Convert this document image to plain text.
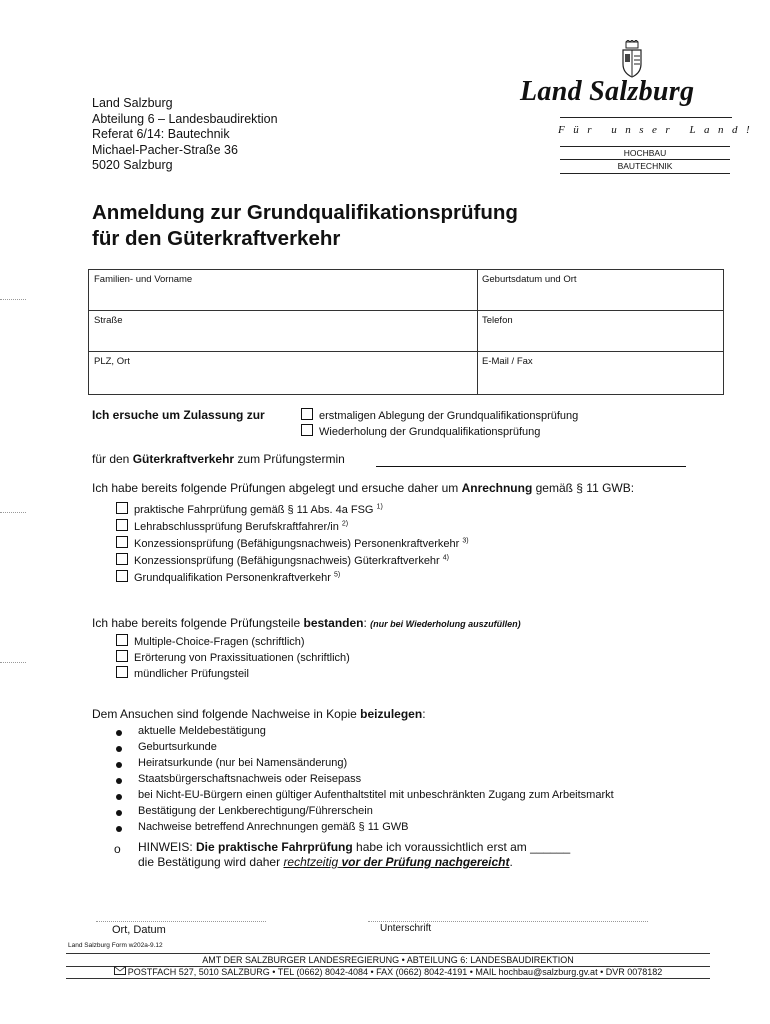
Land Salzburg
Abteilung 6 – Landesbaudirektion
Referat 6/14: Bautechnik
Michael-Pacher-Straße 36
5020 Salzburg
Land Salzburg
Für unser Land!
HOCHBAU
BAUTECHNIK
Anmeldung zur Grundqualifikationsprüfung
für den Güterkraftverkehr
Familien- und Vorname	Geburtsdatum und Ort
Straße	Telefon
PLZ, Ort	E-Mail / Fax
Ich ersuche um Zulassung zur	erstmaligen Ablegung der Grundqualifikationsprüfung
Wiederholung der Grundqualifikationsprüfung
für den Güterkraftverkehr zum Prüfungstermin
Ich habe bereits folgende Prüfungen abgelegt und ersuche daher um Anrechnung gemäß § 11 GWB:
praktische Fahrprüfung gemäß § 11 Abs. 4a FSG $^{1)}$
Lehrabschlussprüfung Berufskraftfahrer/in $^{2)}$
Konzessionsprüfung (Befähigungsnachweis) Personenkraftverkehr $^{3)}$
Konzessionsprüfung (Befähigungsnachweis) Güterkraftverkehr $^{4)}$
Grundqualifikation Personenkraftverkehr $^{5)}$
Ich habe bereits folgende Prüfungsteile bestanden: (nur bei Wiederholung auszufüllen)
Multiple-Choice-Fragen (schriftlich)
Erörterung von Praxissituationen (schriftlich)
mündlicher Prüfungsteil
Dem Ansuchen sind folgende Nachweise in Kopie beizulegen:
aktuelle Meldebestätigung
Geburtsurkunde
Heiratsurkunde (nur bei Namensänderung)
Staatsbürgerschaftsnachweis oder Reisepass
bei Nicht-EU-Bürgern einen gültiger Aufenthaltstitel mit unbeschränkten Zugang zum Arbeitsmarkt
Bestätigung der Lenkberechtigung/Führerschein
Nachweise betreffend Anrechnungen gemäß § 11 GWB
o HINWEIS: Die praktische Fahrprüfung habe ich voraussichtlich erst am ______
die Bestätigung wird daher rechtzeitig vor der Prüfung nachgereicht.
Ort, Datum	Unterschrift
Land Salzburg Form w202a-9.12
AMT DER SALZBURGER LANDESREGIERUNG • ABTEILUNG 6: LANDESBAUDIREKTION
POSTFACH 527, 5010 SALZBURG • TEL (0662) 8042-4084 • FAX (0662) 8042-4191 • MAIL hochbau@salzburg.gv.at • DVR 0078182
